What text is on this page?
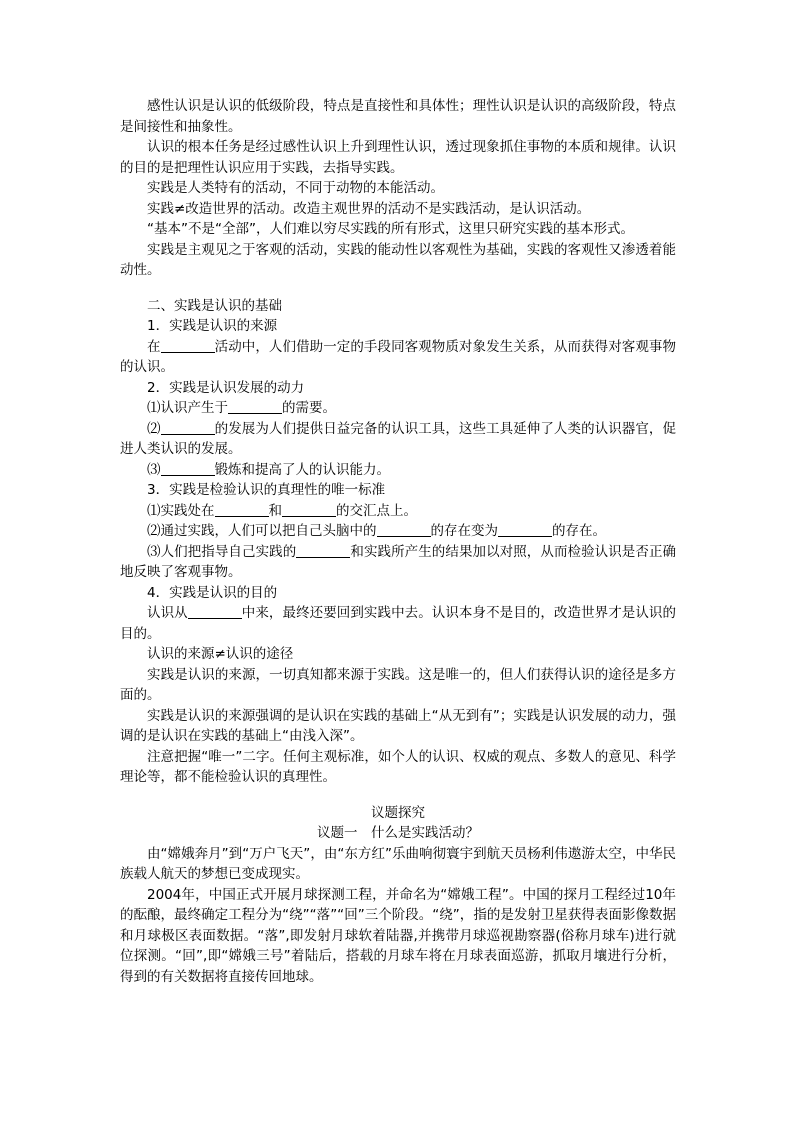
感性认识是认识的低级阶段，特点是直接性和具体性；理性认识是认识的高级阶段，特点是间接性和抽象性。

认识的根本任务是经过感性认识上升到理性认识，透过现象抓住事物的本质和规律。认识的目的是把理性认识应用于实践，去指导实践。

实践是人类特有的活动，不同于动物的本能活动。

实践≠改造世界的活动。改造主观世界的活动不是实践活动，是认识活动。

“基本”不是“全部”，人们难以穷尽实践的所有形式，这里只研究实践的基本形式。

实践是主观见之于客观的活动，实践的能动性以客观性为基础，实践的客观性又渗透着能动性。

二、实践是认识的基础

1．实践是认识的来源

在	活动中，人们借助一定的手段同客观物质对象发生关系，从而获得对客观事物的认识。

2．实践是认识发展的动力

⑴认识产生于	的需要。

⑵	的发展为人们提供日益完备的认识工具，这些工具延伸了人类的认识器官，促进人类认识的发展。

⑶	锻炼和提高了人的认识能力。

3．实践是检验认识的真理性的唯一标准

⑴实践处在	和	的交汇点上。

⑵通过实践，人们可以把自己头脑中的	的存在变为	的存在。

⑶人们把指导自己实践的	和实践所产生的结果加以对照，从而检验认识是否正确地反映了客观事物。

4．实践是认识的目的

认识从	中来，最终还要回到实践中去。认识本身不是目的，改造世界才是认识的目的。

认识的来源≠认识的途径

实践是认识的来源，一切真知都来源于实践。这是唯一的，但人们获得认识的途径是多方面的。

实践是认识的来源强调的是认识在实践的基础上“从无到有”；实践是认识发展的动力，强调的是认识在实践的基础上“由浅入深”。

注意把握“唯一”二字。任何主观标准，如个人的认识、权威的观点、多数人的意见、科学理论等，都不能检验认识的真理性。

议题探究

议题一　什么是实践活动？

由“嫦娥奔月”到“万户飞天”，由“东方红”乐曲响彻寰宇到航天员杨利伟遨游太空，中华民族载人航天的梦想已变成现实。

2004年，中国正式开展月球探测工程，并命名为“嫦娥工程”。中国的探月工程经过10年的酝酿，最终确定工程分为“绕”“落”“回”三个阶段。“绕”，指的是发射卫星获得表面影像数据和月球极区表面数据。“落”,即发射月球软着陆器,并携带月球巡视勘察器(俗称月球车)进行就位探测。“回”,即“嫦娥三号”着陆后，搭载的月球车将在月球表面巡游，抓取月壤进行分析，得到的有关数据将直接传回地球。
